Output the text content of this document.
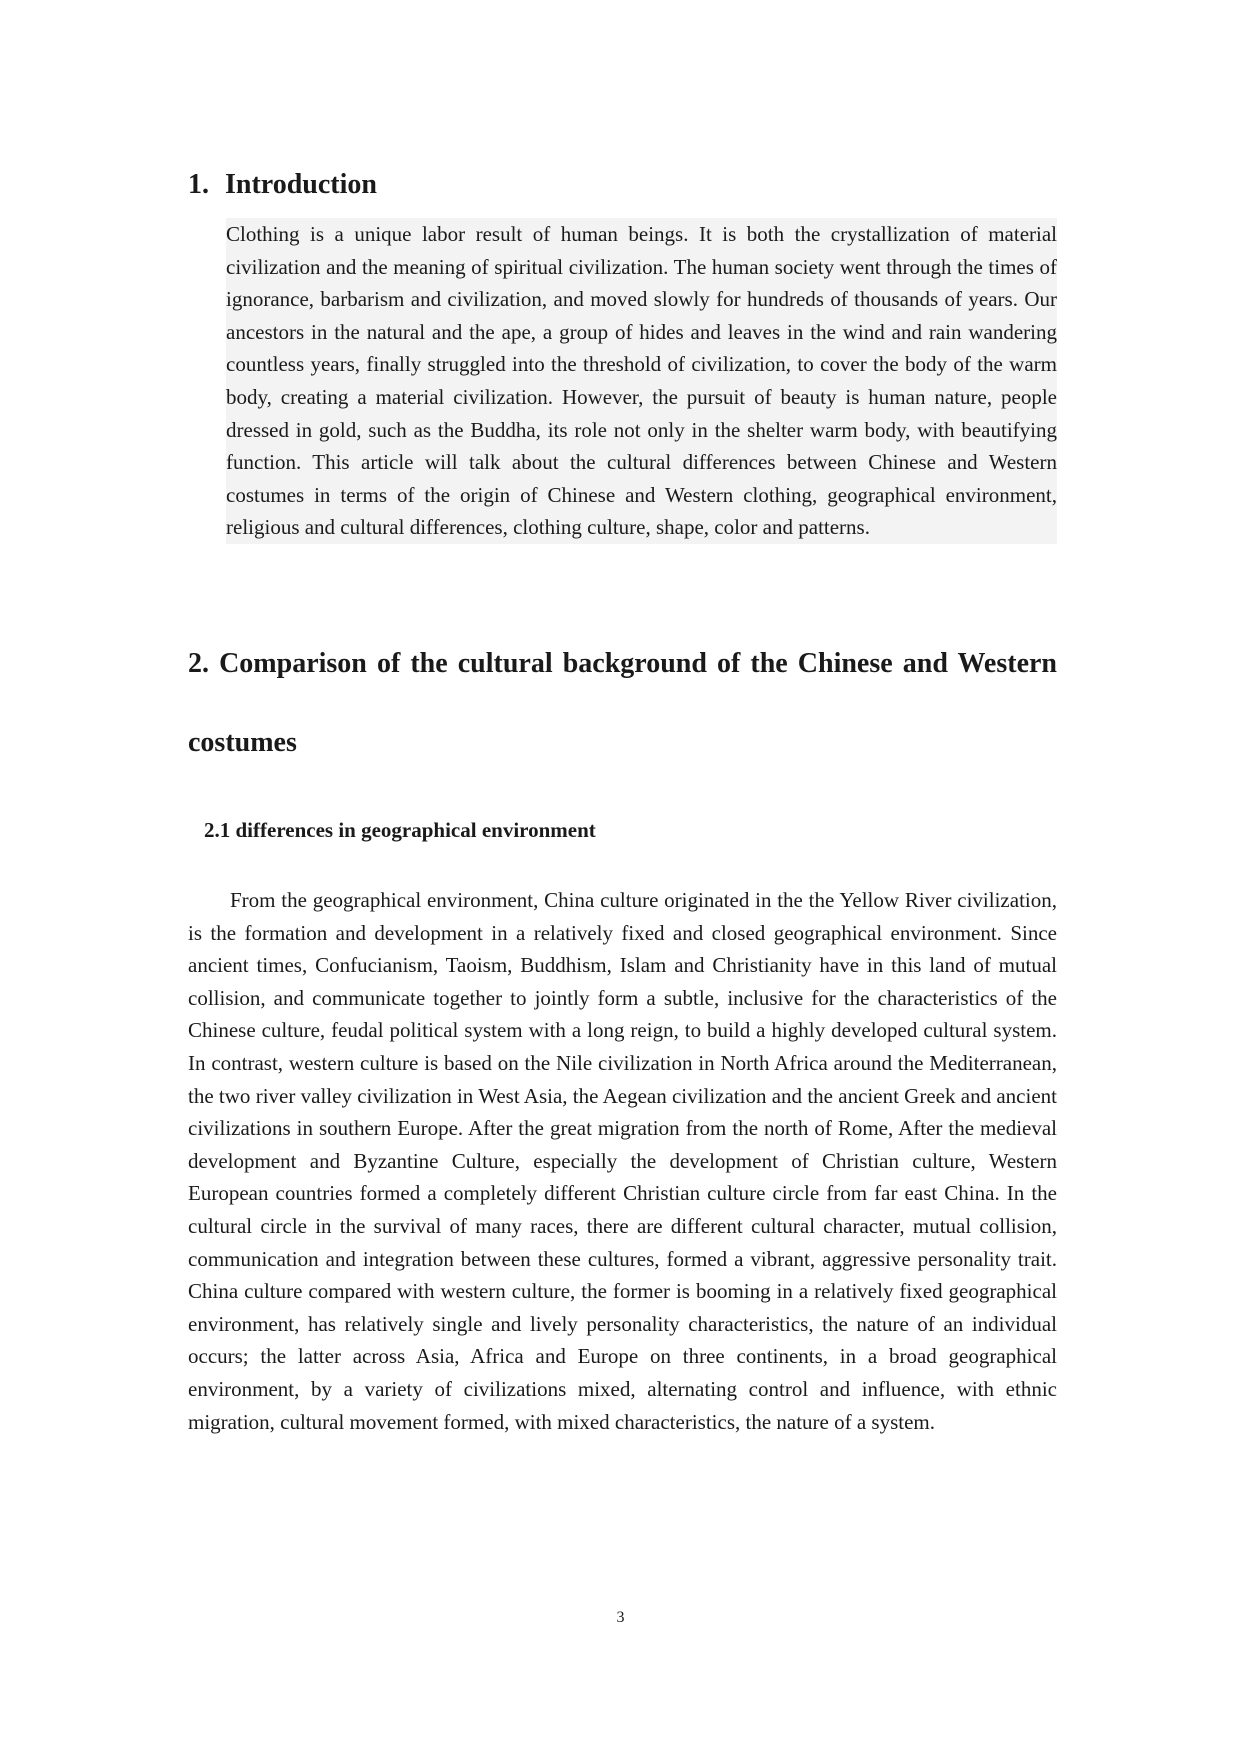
1. Introduction

Clothing is a unique labor result of human beings. It is both the crystallization of material civilization and the meaning of spiritual civilization. The human society went through the times of ignorance, barbarism and civilization, and moved slowly for hundreds of thousands of years. Our ancestors in the natural and the ape, a group of hides and leaves in the wind and rain wandering countless years, finally struggled into the threshold of civilization, to cover the body of the warm body, creating a material civilization. However, the pursuit of beauty is human nature, people dressed in gold, such as the Buddha, its role not only in the shelter warm body, with beautifying function. This article will talk about the cultural differences between Chinese and Western costumes in terms of the origin of Chinese and Western clothing, geographical environment, religious and cultural differences, clothing culture, shape, color and patterns.

2. Comparison of the cultural background of the Chinese and Western costumes
2.1 differences in geographical environment

From the geographical environment, China culture originated in the the Yellow River civilization, is the formation and development in a relatively fixed and closed geographical environment. Since ancient times, Confucianism, Taoism, Buddhism, Islam and Christianity have in this land of mutual collision, and communicate together to jointly form a subtle, inclusive for the characteristics of the Chinese culture, feudal political system with a long reign, to build a highly developed cultural system. In contrast, western culture is based on the Nile civilization in North Africa around the Mediterranean, the two river valley civilization in West Asia, the Aegean civilization and the ancient Greek and ancient civilizations in southern Europe. After the great migration from the north of Rome, After the medieval development and Byzantine Culture, especially the development of Christian culture, Western European countries formed a completely different Christian culture circle from far east China. In the cultural circle in the survival of many races, there are different cultural character, mutual collision, communication and integration between these cultures, formed a vibrant, aggressive personality trait. China culture compared with western culture, the former is booming in a relatively fixed geographical environment, has relatively single and lively personality characteristics, the nature of an individual occurs; the latter across Asia, Africa and Europe on three continents, in a broad geographical environment, by a variety of civilizations mixed, alternating control and influence, with ethnic migration, cultural movement formed, with mixed characteristics, the nature of a system.

3
